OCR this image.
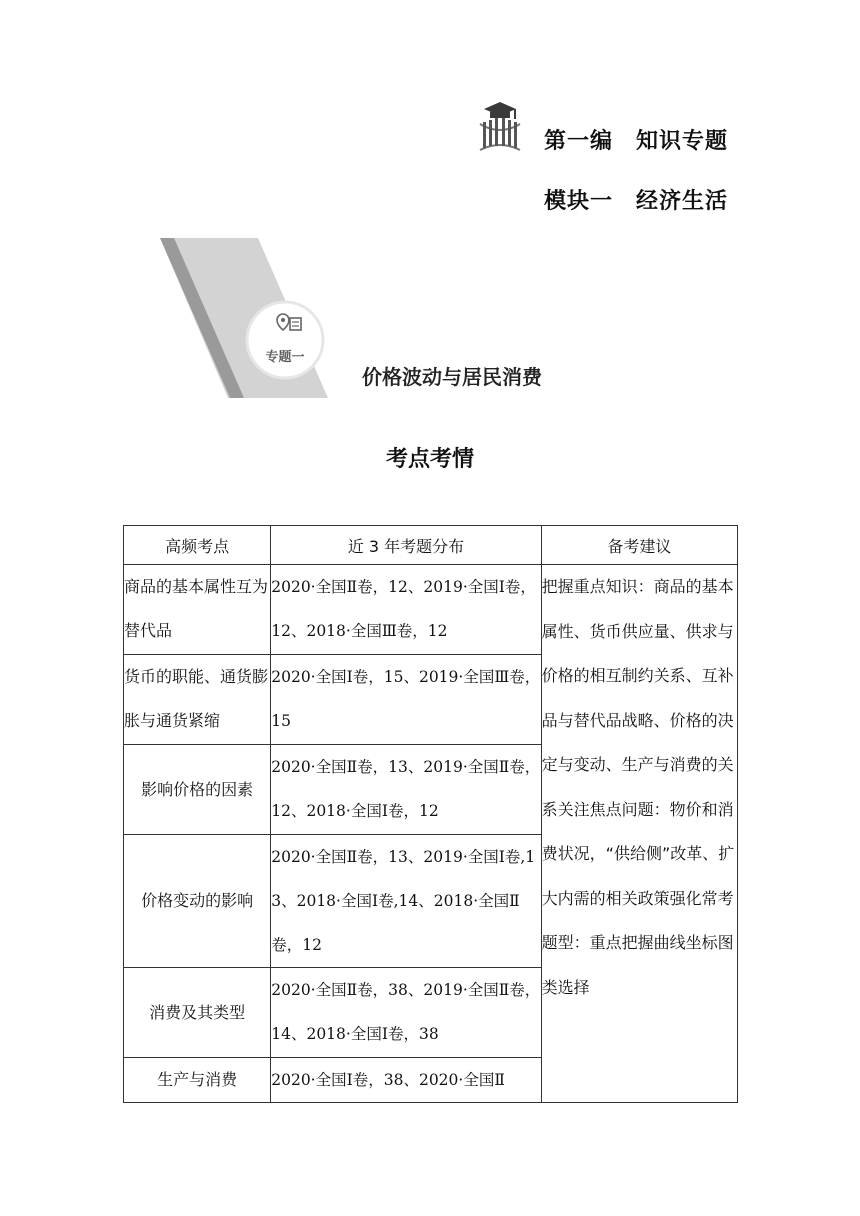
第一编　知识专题
模块一　经济生活
专题一
价格波动与居民消费
考点考情
高频考点	近 3 年考题分布	备考建议
商品的基本属性互为替代品	2020·全国Ⅱ卷，12、2019·全国Ⅰ卷，12、2018·全国Ⅲ卷，12	把握重点知识：商品的基本属性、货币供应量、供求与价格的相互制约关系、互补品与替代品战略、价格的决定与变动、生产与消费的关系关注焦点问题：物价和消费状况，“供给侧”改革、扩大内需的相关政策强化常考题型：重点把握曲线坐标图类选择
货币的职能、通货膨胀与通货紧缩	2020·全国Ⅰ卷，15、2019·全国Ⅲ卷，15	
影响价格的因素	2020·全国Ⅱ卷，13、2019·全国Ⅱ卷，12、2018·全国Ⅰ卷，12	
价格变动的影响	2020·全国Ⅱ卷，13、2019·全国Ⅰ卷,13、2018·全国Ⅰ卷,14、2018·全国Ⅱ卷，12	
消费及其类型	2020·全国Ⅱ卷，38、2019·全国Ⅱ卷，14、2018·全国Ⅰ卷，38	
生产与消费	2020·全国Ⅰ卷，38、2020·全国Ⅱ	
